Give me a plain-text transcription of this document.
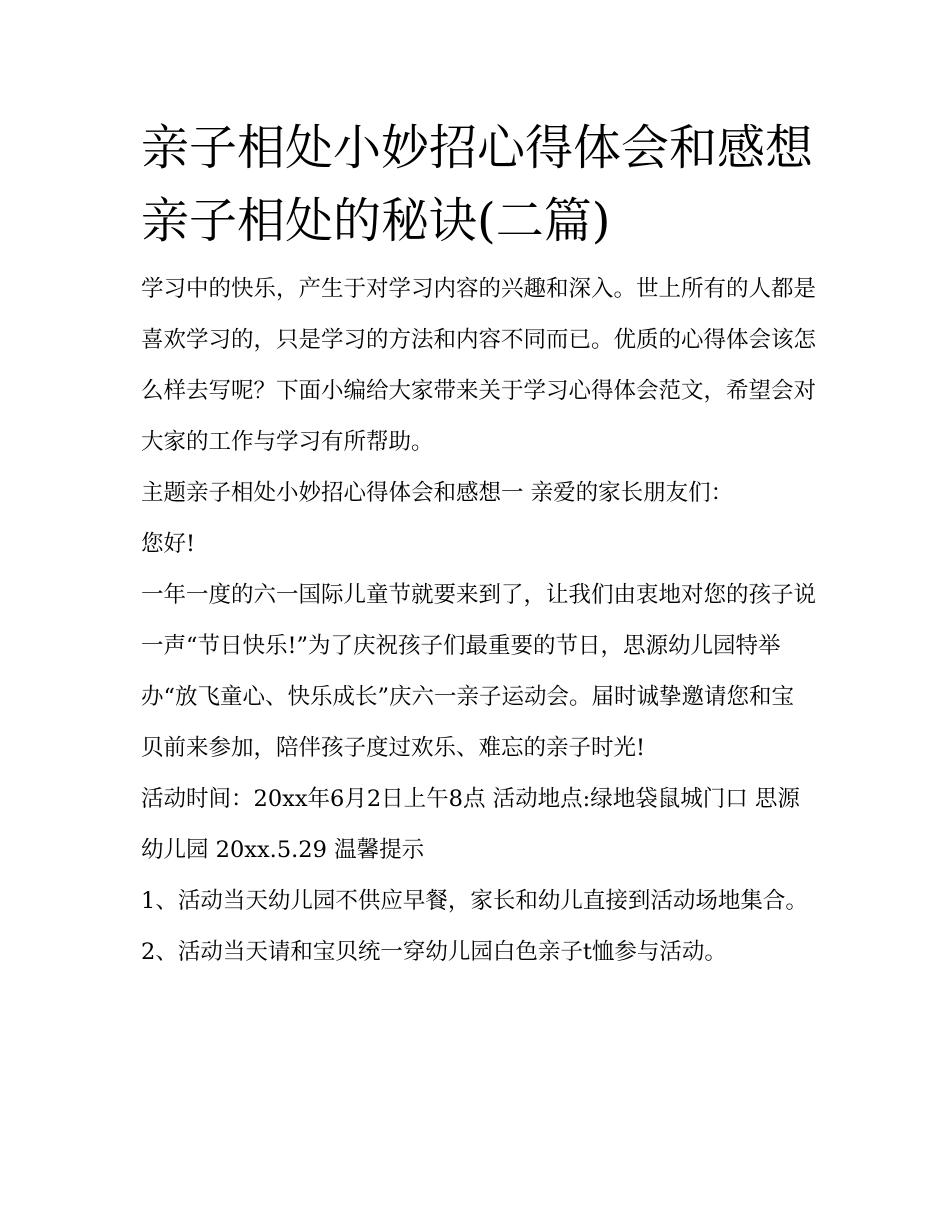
亲子相处小妙招心得体会和感想 亲子相处的秘诀(二篇)

学习中的快乐，产生于对学习内容的兴趣和深入。世上所有的人都是喜欢学习的，只是学习的方法和内容不同而已。优质的心得体会该怎么样去写呢？下面小编给大家带来关于学习心得体会范文，希望会对大家的工作与学习有所帮助。

主题亲子相处小妙招心得体会和感想一 亲爱的家长朋友们：

您好!

一年一度的六一国际儿童节就要来到了，让我们由衷地对您的孩子说一声“节日快乐!”为了庆祝孩子们最重要的节日，思源幼儿园特举办“放飞童心、快乐成长”庆六一亲子运动会。届时诚挚邀请您和宝贝前来参加，陪伴孩子度过欢乐、难忘的亲子时光!

活动时间：20xx年6月2日上午8点 活动地点:绿地袋鼠城门口 思源幼儿园 20xx.5.29 温馨提示

1、活动当天幼儿园不供应早餐，家长和幼儿直接到活动场地集合。 2、活动当天请和宝贝统一穿幼儿园白色亲子t恤参与活动。
